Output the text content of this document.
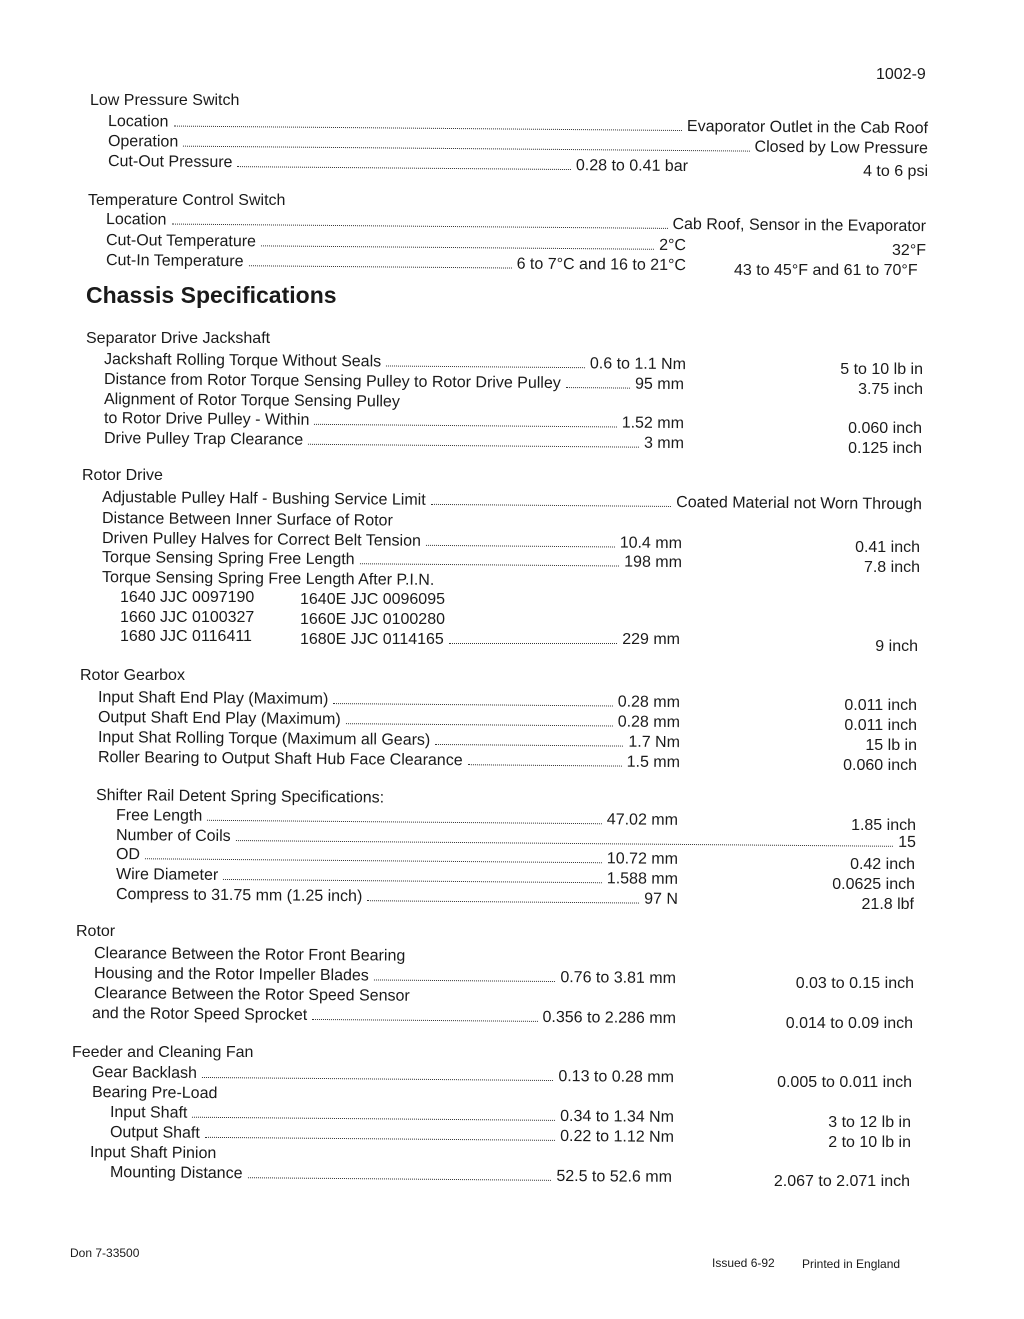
1002-9
Low Pressure Switch
Location	Evaporator Outlet in the Cab Roof
Operation	Closed by Low Pressure
Cut-Out Pressure	0.28 to 0.41 bar	4 to 6 psi
Temperature Control Switch
Location	Cab Roof, Sensor in the Evaporator
Cut-Out Temperature	2°C	32°F
Cut-In Temperature	6 to 7°C and 16 to 21°C	43 to 45°F and 61 to 70°F
Chassis Specifications
Separator Drive Jackshaft
Jackshaft Rolling Torque Without Seals	0.6 to 1.1 Nm	5 to 10 lb in
Distance from Rotor Torque Sensing Pulley to Rotor Drive Pulley	95 mm	3.75 inch
Alignment of Rotor Torque Sensing Pulley
to Rotor Drive Pulley - Within	1.52 mm	0.060 inch
Drive Pulley Trap Clearance	3 mm	0.125 inch
Rotor Drive
Adjustable Pulley Half - Bushing Service Limit	Coated Material not Worn Through
Distance Between Inner Surface of Rotor
Driven Pulley Halves for Correct Belt Tension	10.4 mm	0.41 inch
Torque Sensing Spring Free Length	198 mm	7.8 inch
Torque Sensing Spring Free Length After P.I.N.
1640 JJC 0097190	1640E JJC 0096095
1660 JJC 0100327	1660E JJC 0100280
1680 JJC 0116411	1680E JJC 0114165	229 mm	9 inch
Rotor Gearbox
Input Shaft End Play (Maximum)	0.28 mm	0.011 inch
Output Shaft End Play (Maximum)	0.28 mm	0.011 inch
Input Shat Rolling Torque (Maximum all Gears)	1.7 Nm	15 lb in
Roller Bearing to Output Shaft Hub Face Clearance	1.5 mm	0.060 inch
Shifter Rail Detent Spring Specifications:
Free Length	47.02 mm	1.85 inch
Number of Coils	15
OD	10.72 mm	0.42 inch
Wire Diameter	1.588 mm	0.0625 inch
Compress to 31.75 mm (1.25 inch)	97 N	21.8 lbf
Rotor
Clearance Between the Rotor Front Bearing
Housing and the Rotor Impeller Blades	0.76 to 3.81 mm	0.03 to 0.15 inch
Clearance Between the Rotor Speed Sensor
and the Rotor Speed Sprocket	0.356 to 2.286 mm	0.014 to 0.09 inch
Feeder and Cleaning Fan
Gear Backlash	0.13 to 0.28 mm	0.005 to 0.011 inch
Bearing Pre-Load
Input Shaft	0.34 to 1.34 Nm	3 to 12 lb in
Output Shaft	0.22 to 1.12 Nm	2 to 10 lb in
Input Shaft Pinion
Mounting Distance	52.5 to 52.6 mm	2.067 to 2.071 inch
Don 7-33500
Issued 6-92 Printed in England
